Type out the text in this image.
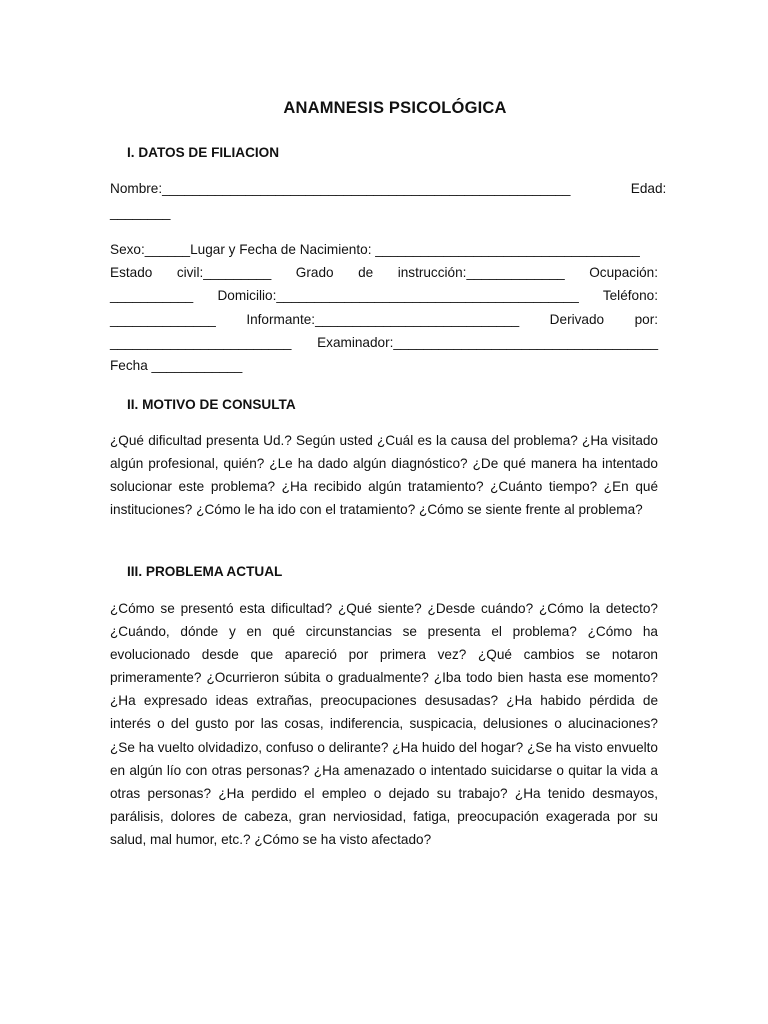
ANAMNESIS PSICOLÓGICA
I. DATOS DE FILIACION
Nombre:______________________________________________________                Edad:
________
Sexo:______Lugar y Fecha de Nacimiento: ___________________________________
Estado civil:_________ Grado de instrucción:_____________ Ocupación:
___________ Domicilio:________________________________________ Teléfono:
______________ Informante:___________________________ Derivado por:
________________________ Examinador:___________________________________
Fecha ____________
II. MOTIVO DE CONSULTA
¿Qué dificultad presenta Ud.? Según usted ¿Cuál es la causa del problema? ¿Ha visitado algún profesional, quién? ¿Le ha dado algún diagnóstico? ¿De qué manera ha intentado solucionar este problema? ¿Ha recibido algún tratamiento? ¿Cuánto tiempo? ¿En qué instituciones? ¿Cómo le ha ido con el tratamiento? ¿Cómo se siente frente al problema?
III. PROBLEMA ACTUAL
¿Cómo se presentó esta dificultad? ¿Qué siente? ¿Desde cuándo? ¿Cómo la detecto? ¿Cuándo, dónde y en qué circunstancias se presenta el problema? ¿Cómo ha evolucionado desde que apareció por primera vez? ¿Qué cambios se notaron primeramente? ¿Ocurrieron súbita o gradualmente? ¿Iba todo bien hasta ese momento? ¿Ha expresado ideas extrañas, preocupaciones desusadas? ¿Ha habido pérdida de interés o del gusto por las cosas, indiferencia, suspicacia, delusiones o alucinaciones? ¿Se ha vuelto olvidadizo, confuso o delirante? ¿Ha huido del hogar? ¿Se ha visto envuelto en algún lío con otras personas? ¿Ha amenazado o intentado suicidarse o quitar la vida a otras personas? ¿Ha perdido el empleo o dejado su trabajo? ¿Ha tenido desmayos, parálisis, dolores de cabeza, gran nerviosidad, fatiga, preocupación exagerada por su salud, mal humor, etc.? ¿Cómo se ha visto afectado?
